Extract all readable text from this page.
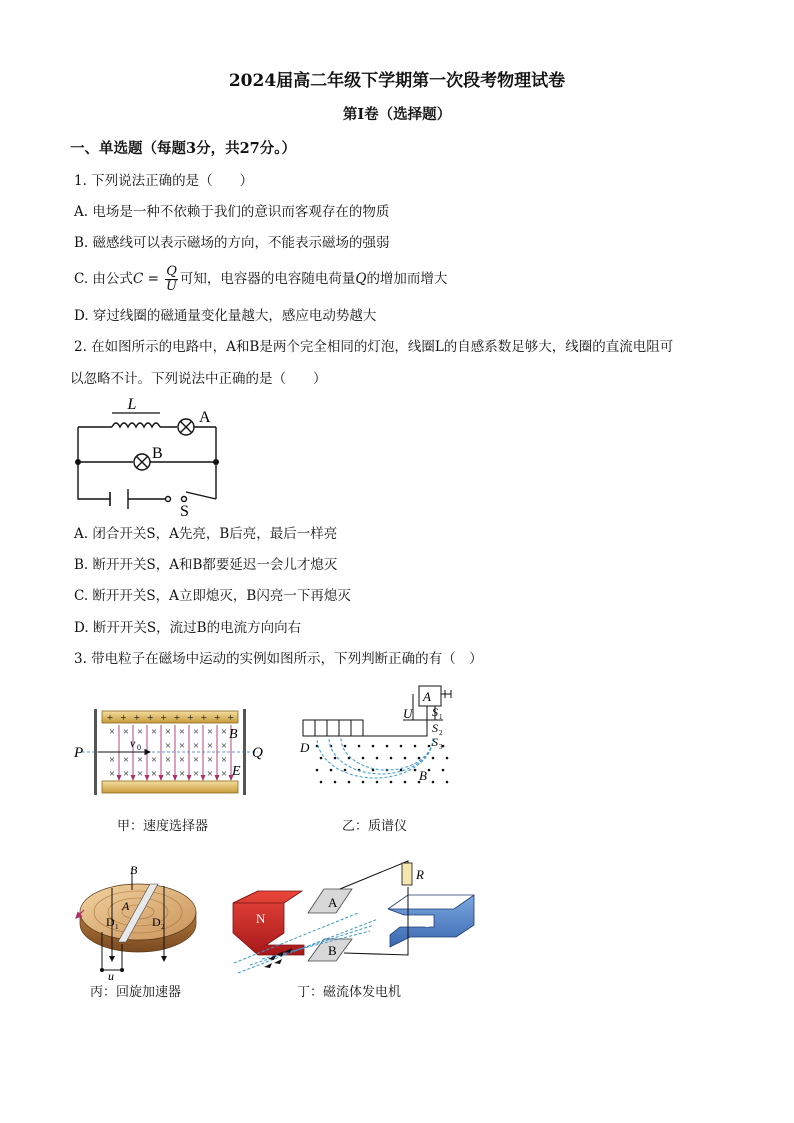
2024届高二年级下学期第一次段考物理试卷
第Ⅰ卷（选择题）
一、单选题（每题3分，共27分。）
1. 下列说法正确的是（　　）
A. 电场是一种不依赖于我们的意识而客观存在的物质
B. 磁感线可以表示磁场的方向，不能表示磁场的强弱
C. 由公式$C = \frac{Q}{U}$ 可知，电容器的电容随电荷量Q的增加而增大
D. 穿过线圈的磁通量变化量越大，感应电动势越大
2. 在如图所示的电路中，A和B是两个完全相同的灯泡，线圈L的自感系数足够大，线圈的直流电阻可
以忽略不计。下列说法中正确的是（　　）
L
A
B
S
A. 闭合开关S，A先亮，B后亮，最后一样亮
B. 断开开关S，A和B都要延迟一会儿才熄灭
C. 断开开关S，A立即熄灭，B闪亮一下再熄灭
D. 断开开关S，流过B的电流方向向右
3. 带电粒子在磁场中运动的实例如图所示，下列判断正确的有（　）
+ + + + + + + + + +
× × × × × × × × ×
× × × × ×
× × × × × × × × ×
× × × × × × × × ×
P	Q
B
E
v 0
甲：速度选择器
A
U S 1
S 2
S 3
D
B
乙：质谱仪
B
A
D 1	D 2
u
丙：回旋加速器
N	S
A
B
R
丁：磁流体发电机
